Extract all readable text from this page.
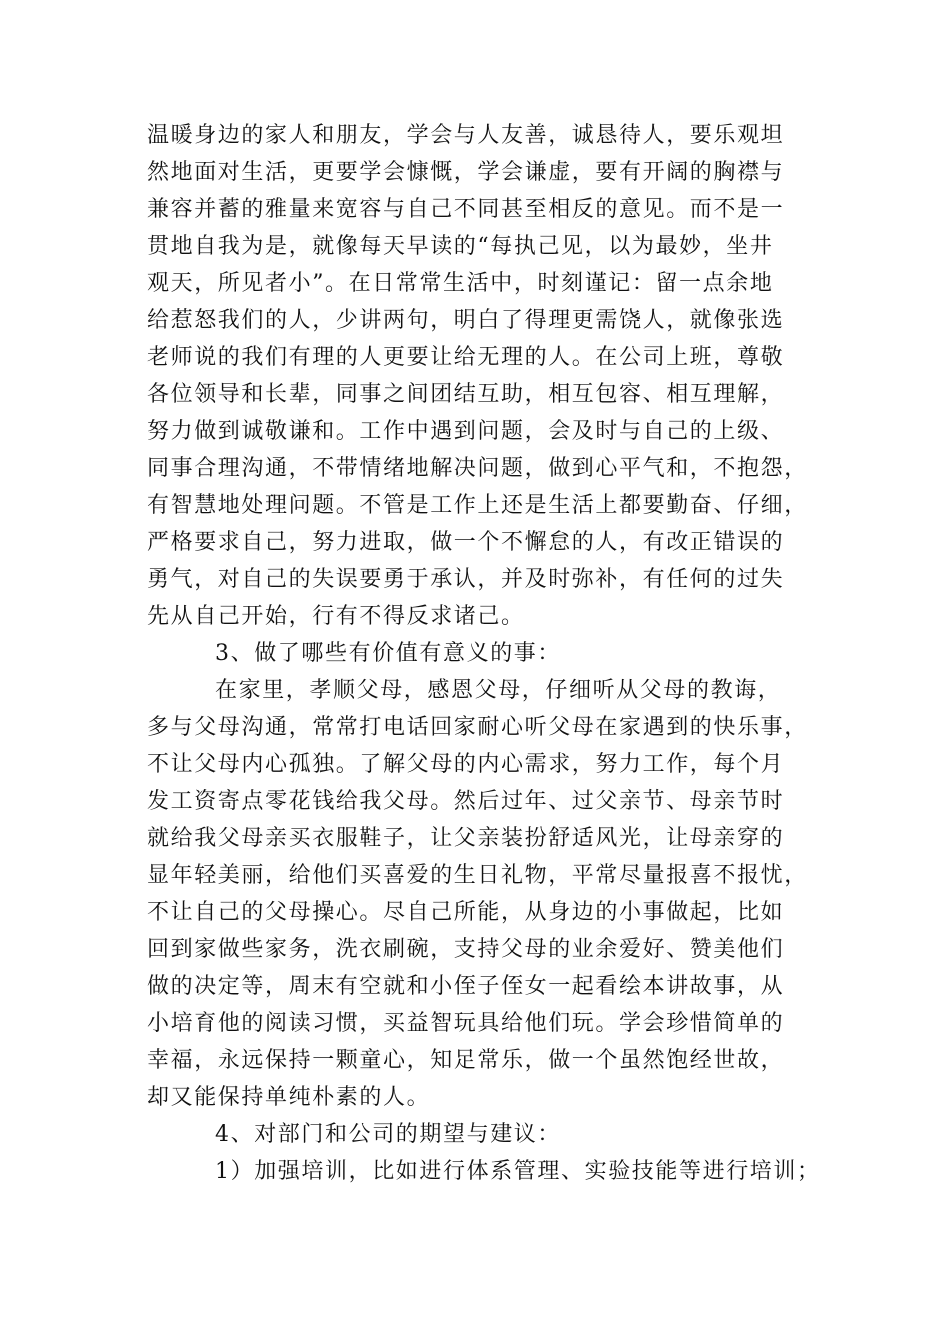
温暖身边的家人和朋友，学会与人友善，诚恳待人，要乐观坦
然地面对生活，更要学会慷慨，学会谦虚，要有开阔的胸襟与
兼容并蓄的雅量来宽容与自己不同甚至相反的意见。而不是一
贯地自我为是，就像每天早读的“每执己见，以为最妙，坐井
观天，所见者小”。在日常常生活中，时刻谨记：留一点余地
给惹怒我们的人，少讲两句，明白了得理更需饶人，就像张选
老师说的我们有理的人更要让给无理的人。在公司上班，尊敬
各位领导和长辈，同事之间团结互助，相互包容、相互理解，
努力做到诚敬谦和。工作中遇到问题，会及时与自己的上级、
同事合理沟通，不带情绪地解决问题，做到心平气和，不抱怨，
有智慧地处理问题。不管是工作上还是生活上都要勤奋、仔细，
严格要求自己，努力进取，做一个不懈怠的人，有改正错误的
勇气，对自己的失误要勇于承认，并及时弥补，有任何的过失
先从自己开始，行有不得反求诸己。
3、做了哪些有价值有意义的事：
在家里，孝顺父母，感恩父母，仔细听从父母的教诲，
多与父母沟通，常常打电话回家耐心听父母在家遇到的快乐事，
不让父母内心孤独。了解父母的内心需求，努力工作，每个月
发工资寄点零花钱给我父母。然后过年、过父亲节、母亲节时
就给我父母亲买衣服鞋子，让父亲装扮舒适风光，让母亲穿的
显年轻美丽，给他们买喜爱的生日礼物，平常尽量报喜不报忧，
不让自己的父母操心。尽自己所能，从身边的小事做起，比如
回到家做些家务，洗衣刷碗，支持父母的业余爱好、赞美他们
做的决定等，周末有空就和小侄子侄女一起看绘本讲故事，从
小培育他的阅读习惯，买益智玩具给他们玩。学会珍惜简单的
幸福，永远保持一颗童心，知足常乐，做一个虽然饱经世故，
却又能保持单纯朴素的人。
4、对部门和公司的期望与建议：
1）加强培训，比如进行体系管理、实验技能等进行培训；
